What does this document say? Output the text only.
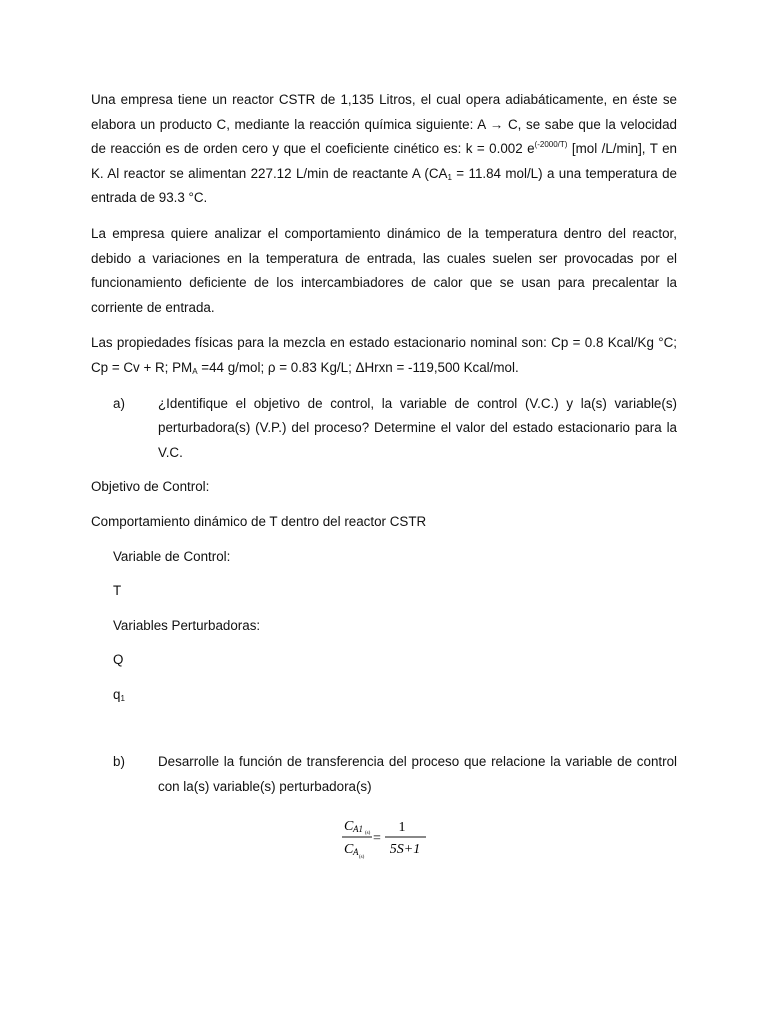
Una empresa tiene un reactor CSTR de 1,135 Litros, el cual opera adiabáticamente, en éste se elabora un producto C, mediante la reacción química siguiente: A → C, se sabe que la velocidad de reacción es de orden cero y que el coeficiente cinético es: k = 0.002 $e^{(-2000/T)}$ [mol /L/min], T en K. Al reactor se alimentan 227.12 L/min de reactante A ($CA_1 = 11.84$ mol/L) a una temperatura de entrada de 93.3 °C.

La empresa quiere analizar el comportamiento dinámico de la temperatura dentro del reactor, debido a variaciones en la temperatura de entrada, las cuales suelen ser provocadas por el funcionamiento deficiente de los intercambiadores de calor que se usan para precalentar la corriente de entrada.

Las propiedades físicas para la mezcla en estado estacionario nominal son: Cp = 0.8 Kcal/Kg °C; Cp = Cv + R; $PM_A =44$ g/mol; ρ = 0.83 Kg/L; ΔHrxn = -119,500 Kcal/mol.

a) ¿Identifique el objetivo de control, la variable de control (V.C.) y la(s) variable(s) perturbadora(s) (V.P.) del proceso? Determine el valor del estado estacionario para la V.C.

Objetivo de Control:

Comportamiento dinámico de T dentro del reactor CSTR

Variable de Control:

T

Variables Perturbadoras:

Q

$q_1$

b) Desarrolle la función de transferencia del proceso que relacione la variable de control con la(s) variable(s) perturbadora(s)
C A1 (s)
C A
(s)
=
1
5S+1
